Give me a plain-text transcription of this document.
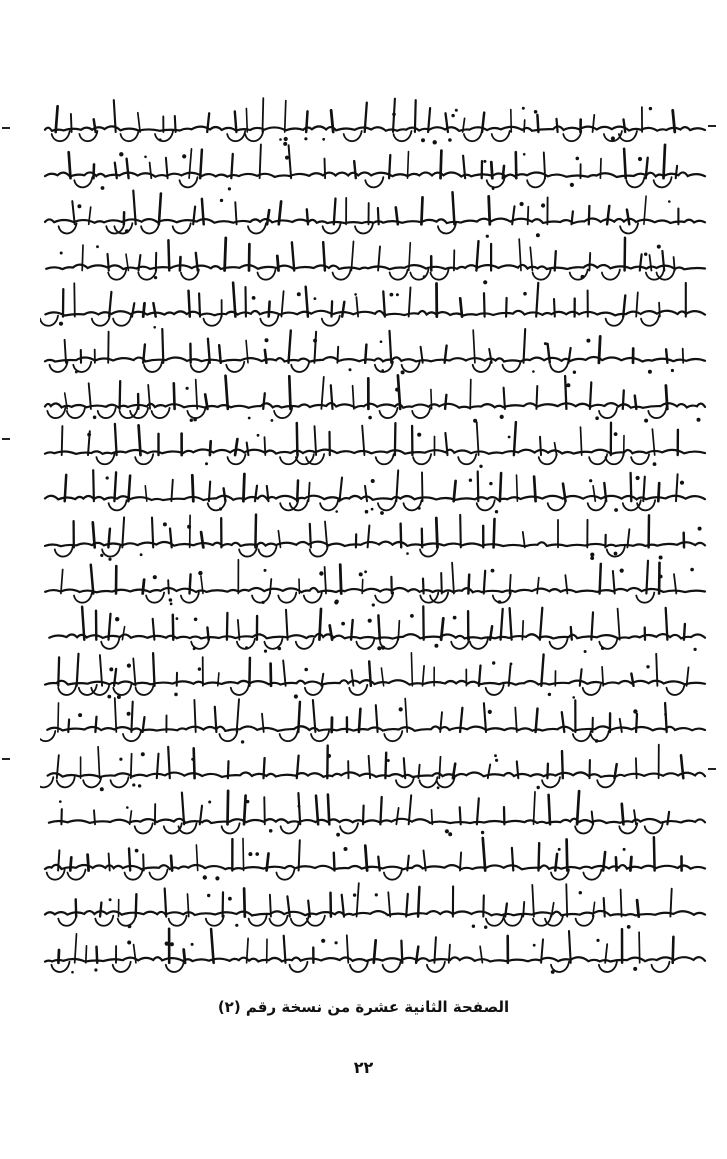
الصفحة الثانية عشرة من نسخة رقم (٢)
٢٢
